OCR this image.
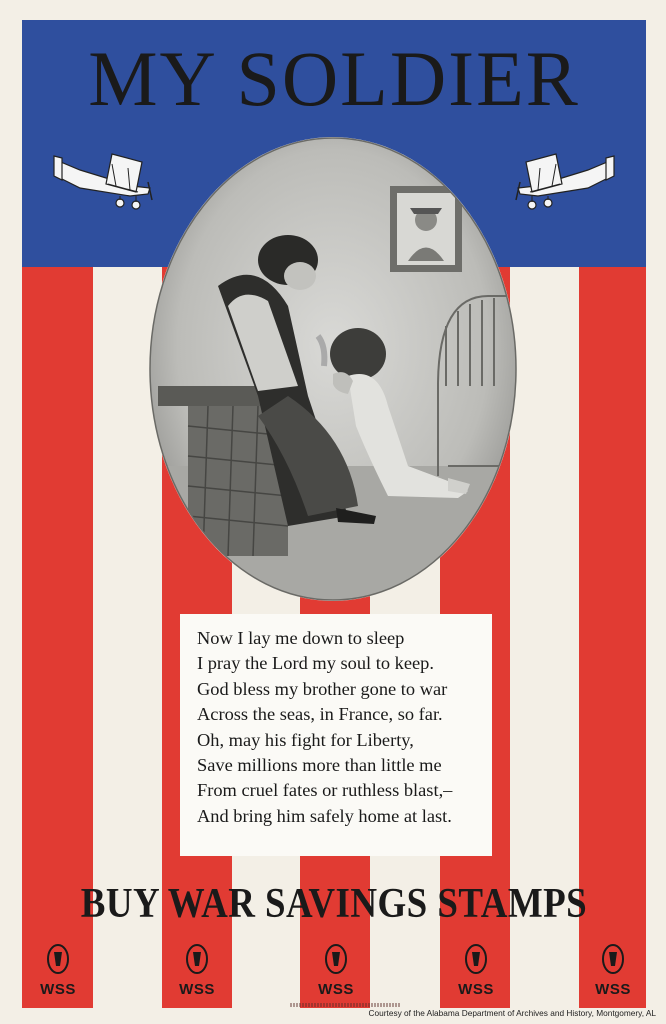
MY SOLDIER
Now I lay me down to sleep
I pray the Lord my soul to keep.
God bless my brother gone to war
Across the seas, in France, so far.
Oh, may his fight for Liberty,
Save millions more than little me
From cruel fates or ruthless blast,–
And bring him safely home at last.
BUY WAR SAVINGS STAMPS
WSS	WSS	WSS	WSS	WSS
Courtesy of the Alabama Department of Archives and History, Montgomery, AL
